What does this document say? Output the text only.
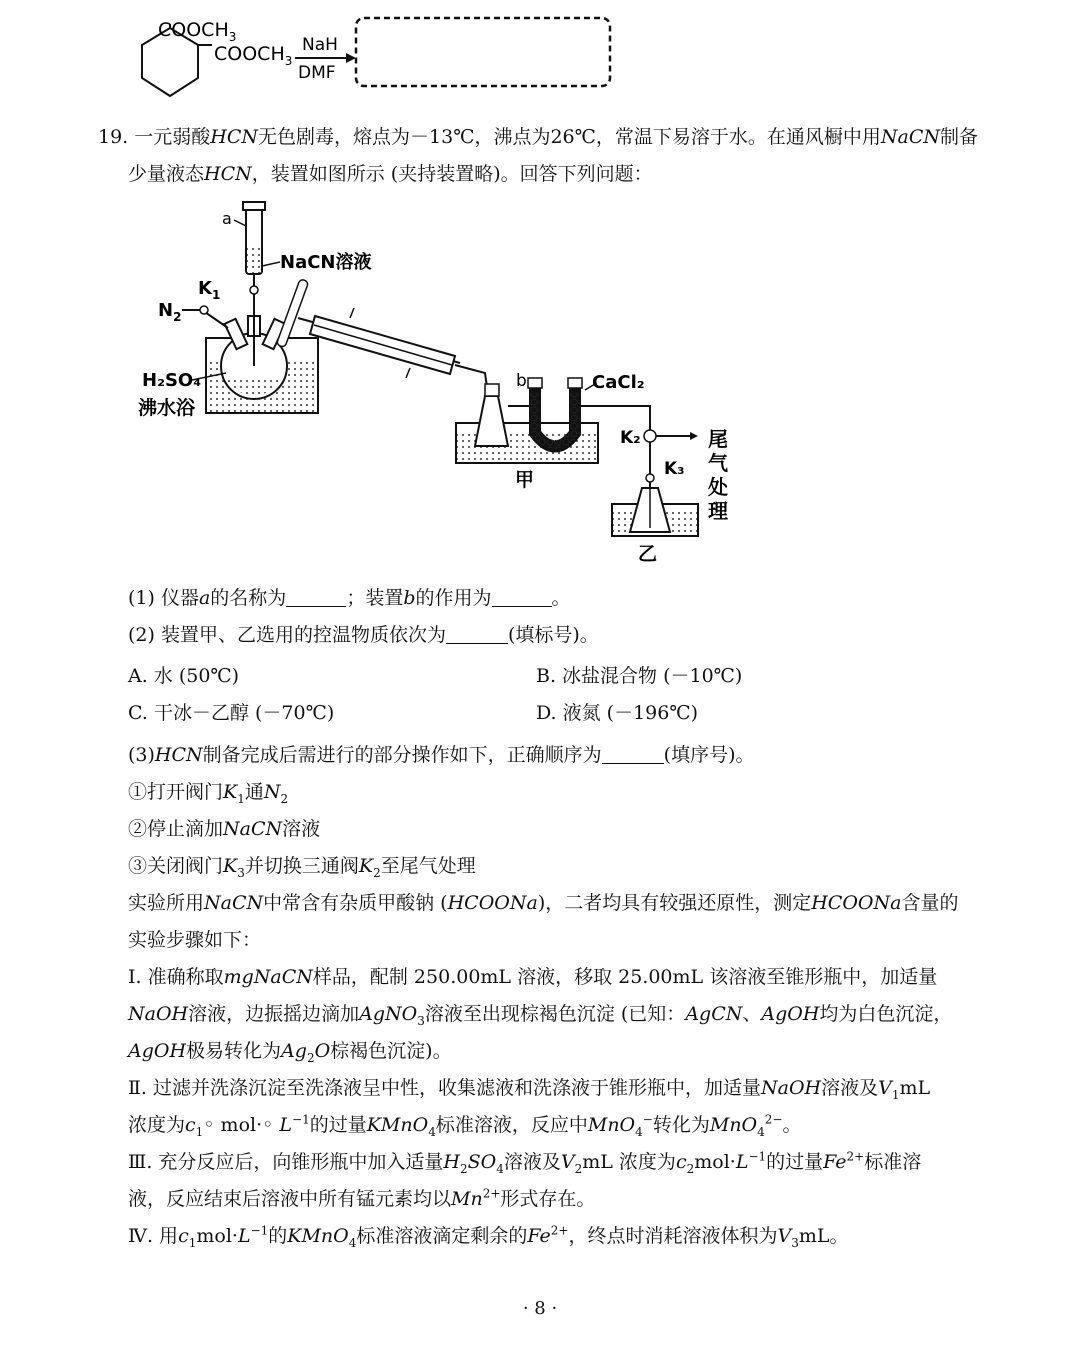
$COOCH_3$
$COOCH_3$
NaH
DMF
19. 一元弱酸HCN无色剧毒，熔点为－13℃，沸点为26℃，常温下易溶于水。在通风橱中用NaCN制备
少量液态HCN，装置如图所示 (夹持装置略)。回答下列问题：
a
NaCN溶液
$N_2$
$K_1$
H₂SO₄
沸水浴
b	CaCl₂
K₂	尾
气
处
理
K₃
甲
乙
(1) 仪器a的名称为	；装置b的作用为	。
(2) 装置甲、乙选用的控温物质依次为	(填标号)。
A. 水 (50℃)	B. 冰盐混合物 (－10℃)
C. 干冰－乙醇 (－70℃)	D. 液氮 (－196℃)
(3)HCN制备完成后需进行的部分操作如下，正确顺序为	(填序号)。
①打开阀门$K_1$通$N_2$
②停止滴加NaCN溶液
③关闭阀门$K_3$并切换三通阀$K_2$至尾气处理
实验所用NaCN中常含有杂质甲酸钠 (HCOONa)，二者均具有较强还原性，测定HCOONa含量的
实验步骤如下：
Ⅰ. 准确称取mgNaCN样品，配制 250.00mL 溶液，移取 25.00mL 该溶液至锥形瓶中，加适量
NaOH溶液，边振摇边滴加AgNO$_3$溶液至出现棕褐色沉淀 (已知：AgCN、AgOH均为白色沉淀，
AgOH极易转化为$Ag_2O$棕褐色沉淀)。
Ⅱ. 过滤并洗涤沉淀至洗涤液呈中性，收集滤液和洗涤液于锥形瓶中，加适量NaOH溶液及$V_1mL$
浓度为$c_1◦$ mol·◦ $L^{-1}$的过量KMnO$_4$标准溶液，反应中MnO$_4$−转化为MnO$_4^{2-}$。
Ⅲ. 充分反应后，向锥形瓶中加入适量$H_2SO_4$溶液及$V_2mL$ 浓度为$c_2mol\cdot L^{-1}$的过量$Fe^{2+}$标准溶
液，反应结束后溶液中所有锰元素均以$Mn^{2+}$形式存在。
Ⅳ. 用$c_1mol\cdot L^{-1}$的KMnO$_4$标准溶液滴定剩余的$Fe^{2+}$，终点时消耗溶液体积为$V_3mL$。
· 8 ·
